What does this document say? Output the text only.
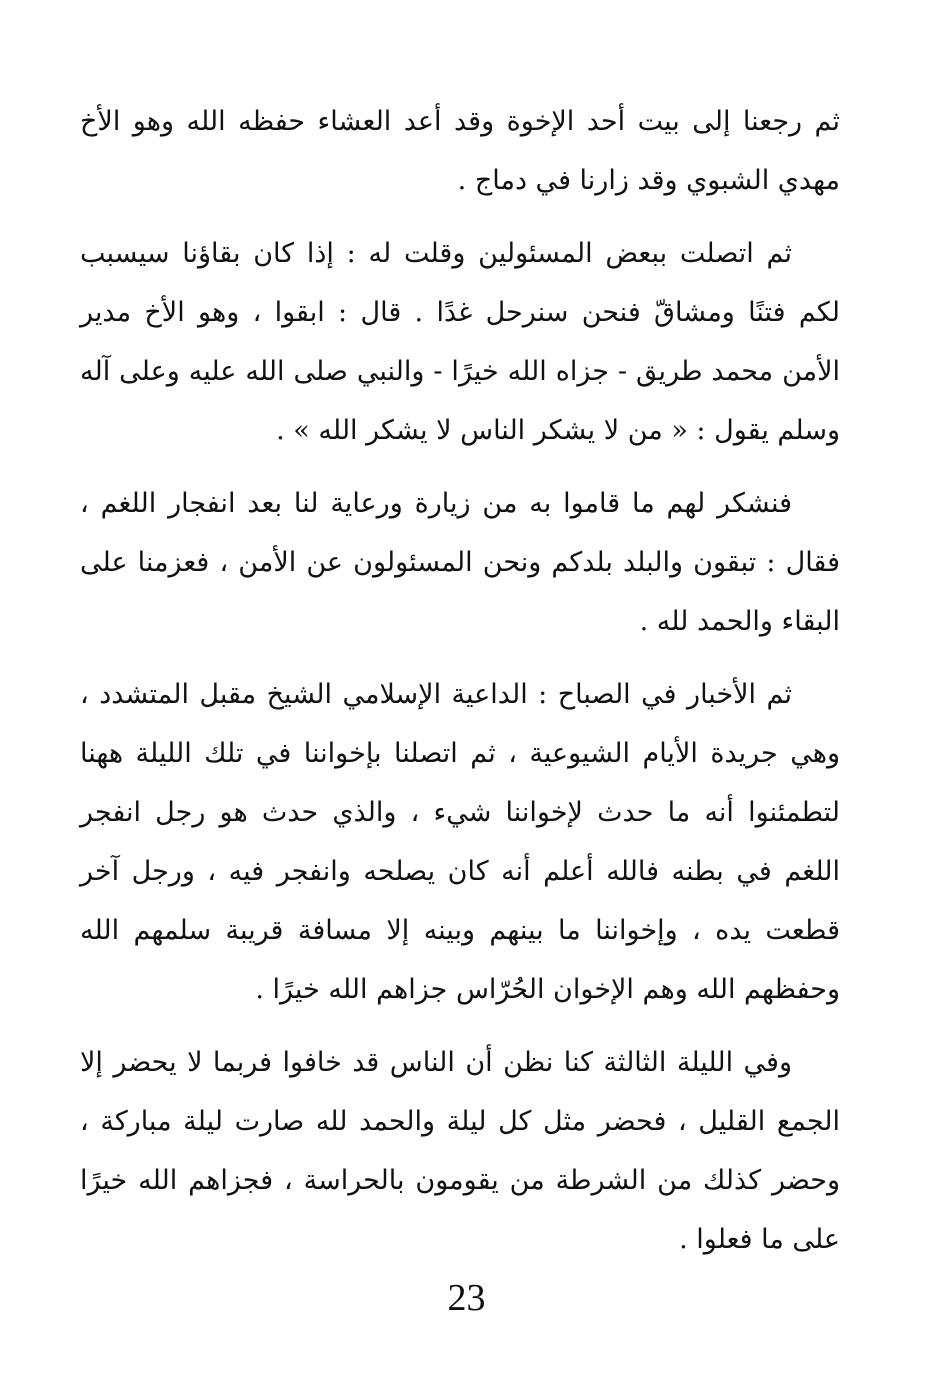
ثم رجعنا إلى بيت أحد الإخوة وقد أعد العشاء حفظه الله وهو الأخ مهدي الشبوي وقد زارنا في دماج .

ثم اتصلت ببعض المسئولين وقلت له : إذا كان بقاؤنا سيسبب لكم فتنًا ومشاقّ فنحن سنرحل غدًا . قال : ابقوا ، وهو الأخ مدير الأمن محمد طريق - جزاه الله خيرًا - والنبي صلى الله عليه وعلى آله وسلم يقول : « من لا يشكر الناس لا يشكر الله » .

فنشكر لهم ما قاموا به من زيارة ورعاية لنا بعد انفجار اللغم ، فقال : تبقون والبلد بلدكم ونحن المسئولون عن الأمن ، فعزمنا على البقاء والحمد لله .

ثم الأخبار في الصباح : الداعية الإسلامي الشيخ مقبل المتشدد ، وهي جريدة الأيام الشيوعية ، ثم اتصلنا بإخواننا في تلك الليلة ههنا لتطمئنوا أنه ما حدث لإخواننا شيء ، والذي حدث هو رجل انفجر اللغم في بطنه فالله أعلم أنه كان يصلحه وانفجر فيه ، ورجل آخر قطعت يده ، وإخواننا ما بينهم وبينه إلا مسافة قريبة سلمهم الله وحفظهم الله وهم الإخوان الحُرّاس جزاهم الله خيرًا .

وفي الليلة الثالثة كنا نظن أن الناس قد خافوا فربما لا يحضر إلا الجمع القليل ، فحضر مثل كل ليلة والحمد لله صارت ليلة مباركة ، وحضر كذلك من الشرطة من يقومون بالحراسة ، فجزاهم الله خيرًا على ما فعلوا .

23
